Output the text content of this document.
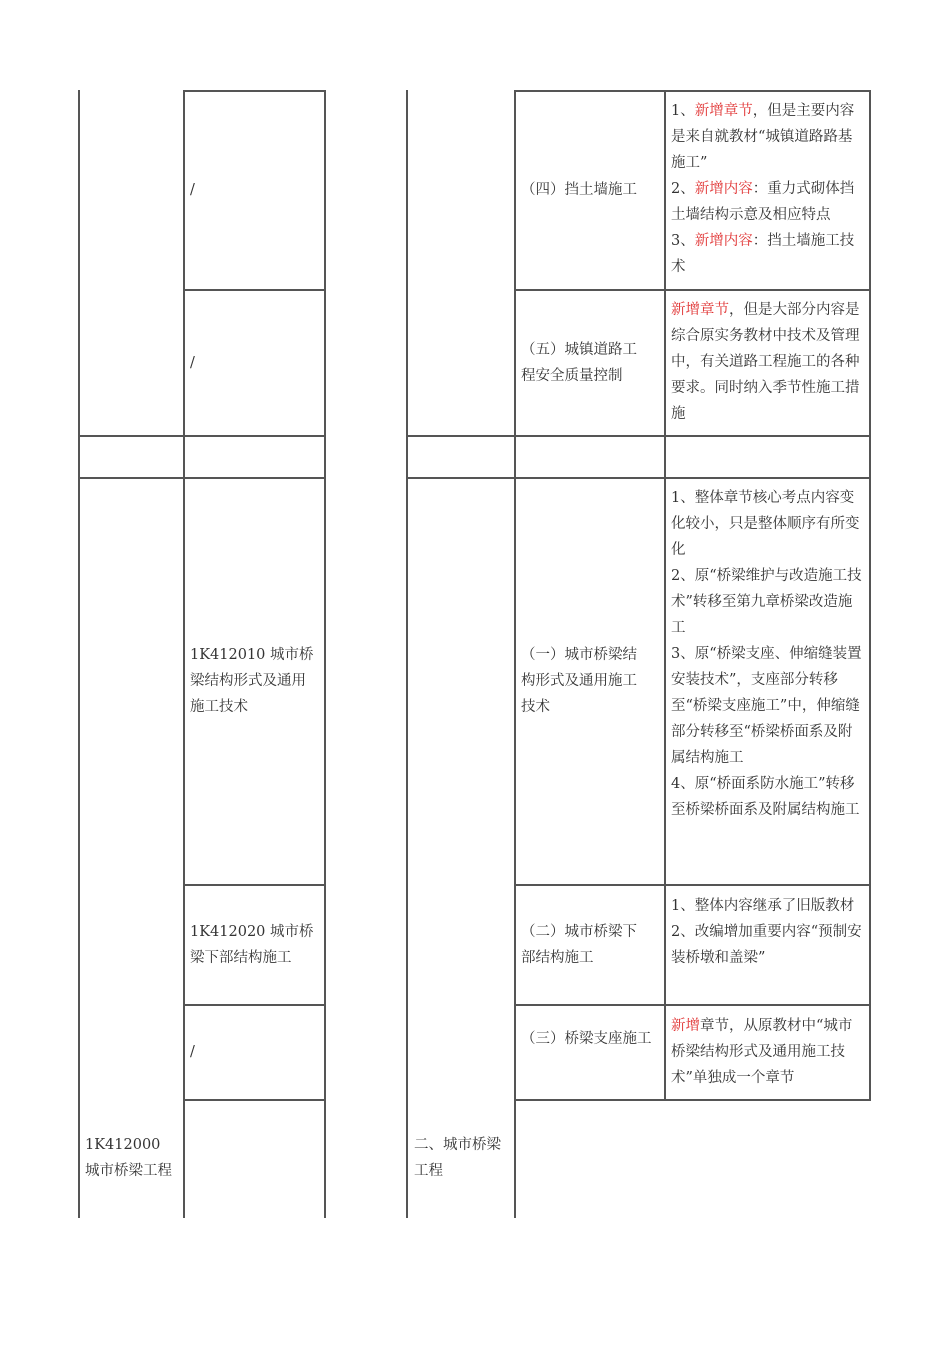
/
/
1K412010 城市桥梁结构形式及通用施工技术
1K412020 城市桥梁下部结构施工
/
1K412000 城市桥梁工程
二、城市桥梁工程
（四）挡土墙施工
（五）城镇道路工程安全质量控制
（一）城市桥梁结构形式及通用施工技术
（二）城市桥梁下部结构施工
（三）桥梁支座施工
1、新增章节，但是主要内容是来自就教材“城镇道路路基施工”
2、新增内容：重力式砌体挡土墙结构示意及相应特点
3、新增内容：挡土墙施工技术
新增章节，但是大部分内容是综合原实务教材中技术及管理中，有关道路工程施工的各种要求。同时纳入季节性施工措施
1、整体章节核心考点内容变化较小，只是整体顺序有所变化
2、原“桥梁维护与改造施工技术”转移至第九章桥梁改造施工
3、原“桥梁支座、伸缩缝装置安装技术”，支座部分转移至“桥梁支座施工”中，伸缩缝部分转移至“桥梁桥面系及附属结构施工
4、原“桥面系防水施工”转移至桥梁桥面系及附属结构施工
1、整体内容继承了旧版教材
2、改编增加重要内容“预制安装桥墩和盖梁”
新增章节，从原教材中“城市桥梁结构形式及通用施工技术”单独成一个章节
